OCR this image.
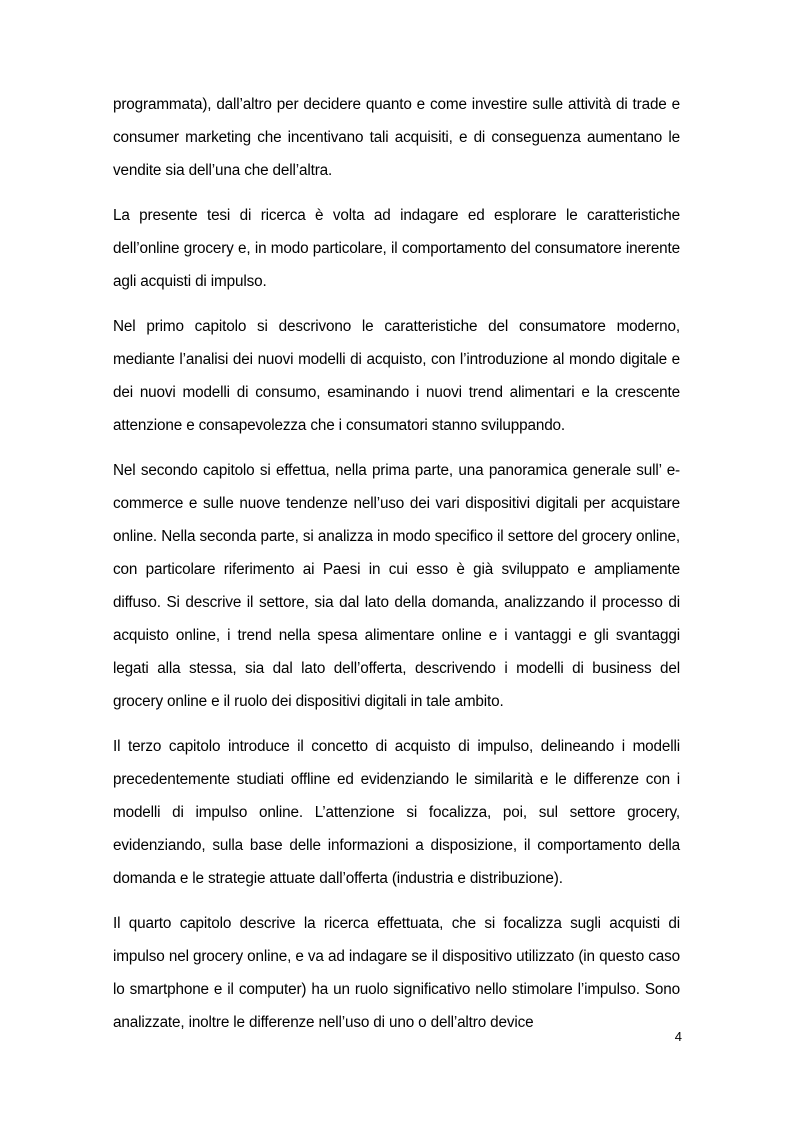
programmata), dall’altro per decidere quanto e come investire sulle attività di trade e consumer marketing che incentivano tali acquisiti, e di conseguenza aumentano le vendite sia dell’una che dell’altra.

La presente tesi di ricerca è volta ad indagare ed esplorare le caratteristiche dell’online grocery e, in modo particolare, il comportamento del consumatore inerente agli acquisti di impulso.

Nel primo capitolo si descrivono le caratteristiche del consumatore moderno, mediante l’analisi dei nuovi modelli di acquisto, con l’introduzione al mondo digitale e dei nuovi modelli di consumo, esaminando i nuovi trend alimentari e la crescente attenzione e consapevolezza che i consumatori stanno sviluppando.

Nel secondo capitolo si effettua, nella prima parte, una panoramica generale sull’ e-commerce e sulle nuove tendenze nell’uso dei vari dispositivi digitali per acquistare online. Nella seconda parte, si analizza in modo specifico il settore del grocery online, con particolare riferimento ai Paesi in cui esso è già sviluppato e ampliamente diffuso. Si descrive il settore, sia dal lato della domanda, analizzando il processo di acquisto online, i trend nella spesa alimentare online e i vantaggi e gli svantaggi legati alla stessa, sia dal lato dell’offerta, descrivendo i modelli di business del grocery online e il ruolo dei dispositivi digitali in tale ambito.

Il terzo capitolo introduce il concetto di acquisto di impulso, delineando i modelli precedentemente studiati offline ed evidenziando le similarità e le differenze con i modelli di impulso online. L’attenzione si focalizza, poi, sul settore grocery, evidenziando, sulla base delle informazioni a disposizione, il comportamento della domanda e le strategie attuate dall’offerta (industria e distribuzione).

Il quarto capitolo descrive la ricerca effettuata, che si focalizza sugli acquisti di impulso nel grocery online, e va ad indagare se il dispositivo utilizzato (in questo caso lo smartphone e il computer) ha un ruolo significativo nello stimolare l’impulso. Sono analizzate, inoltre le differenze nell’uso di uno o dell’altro device

4
